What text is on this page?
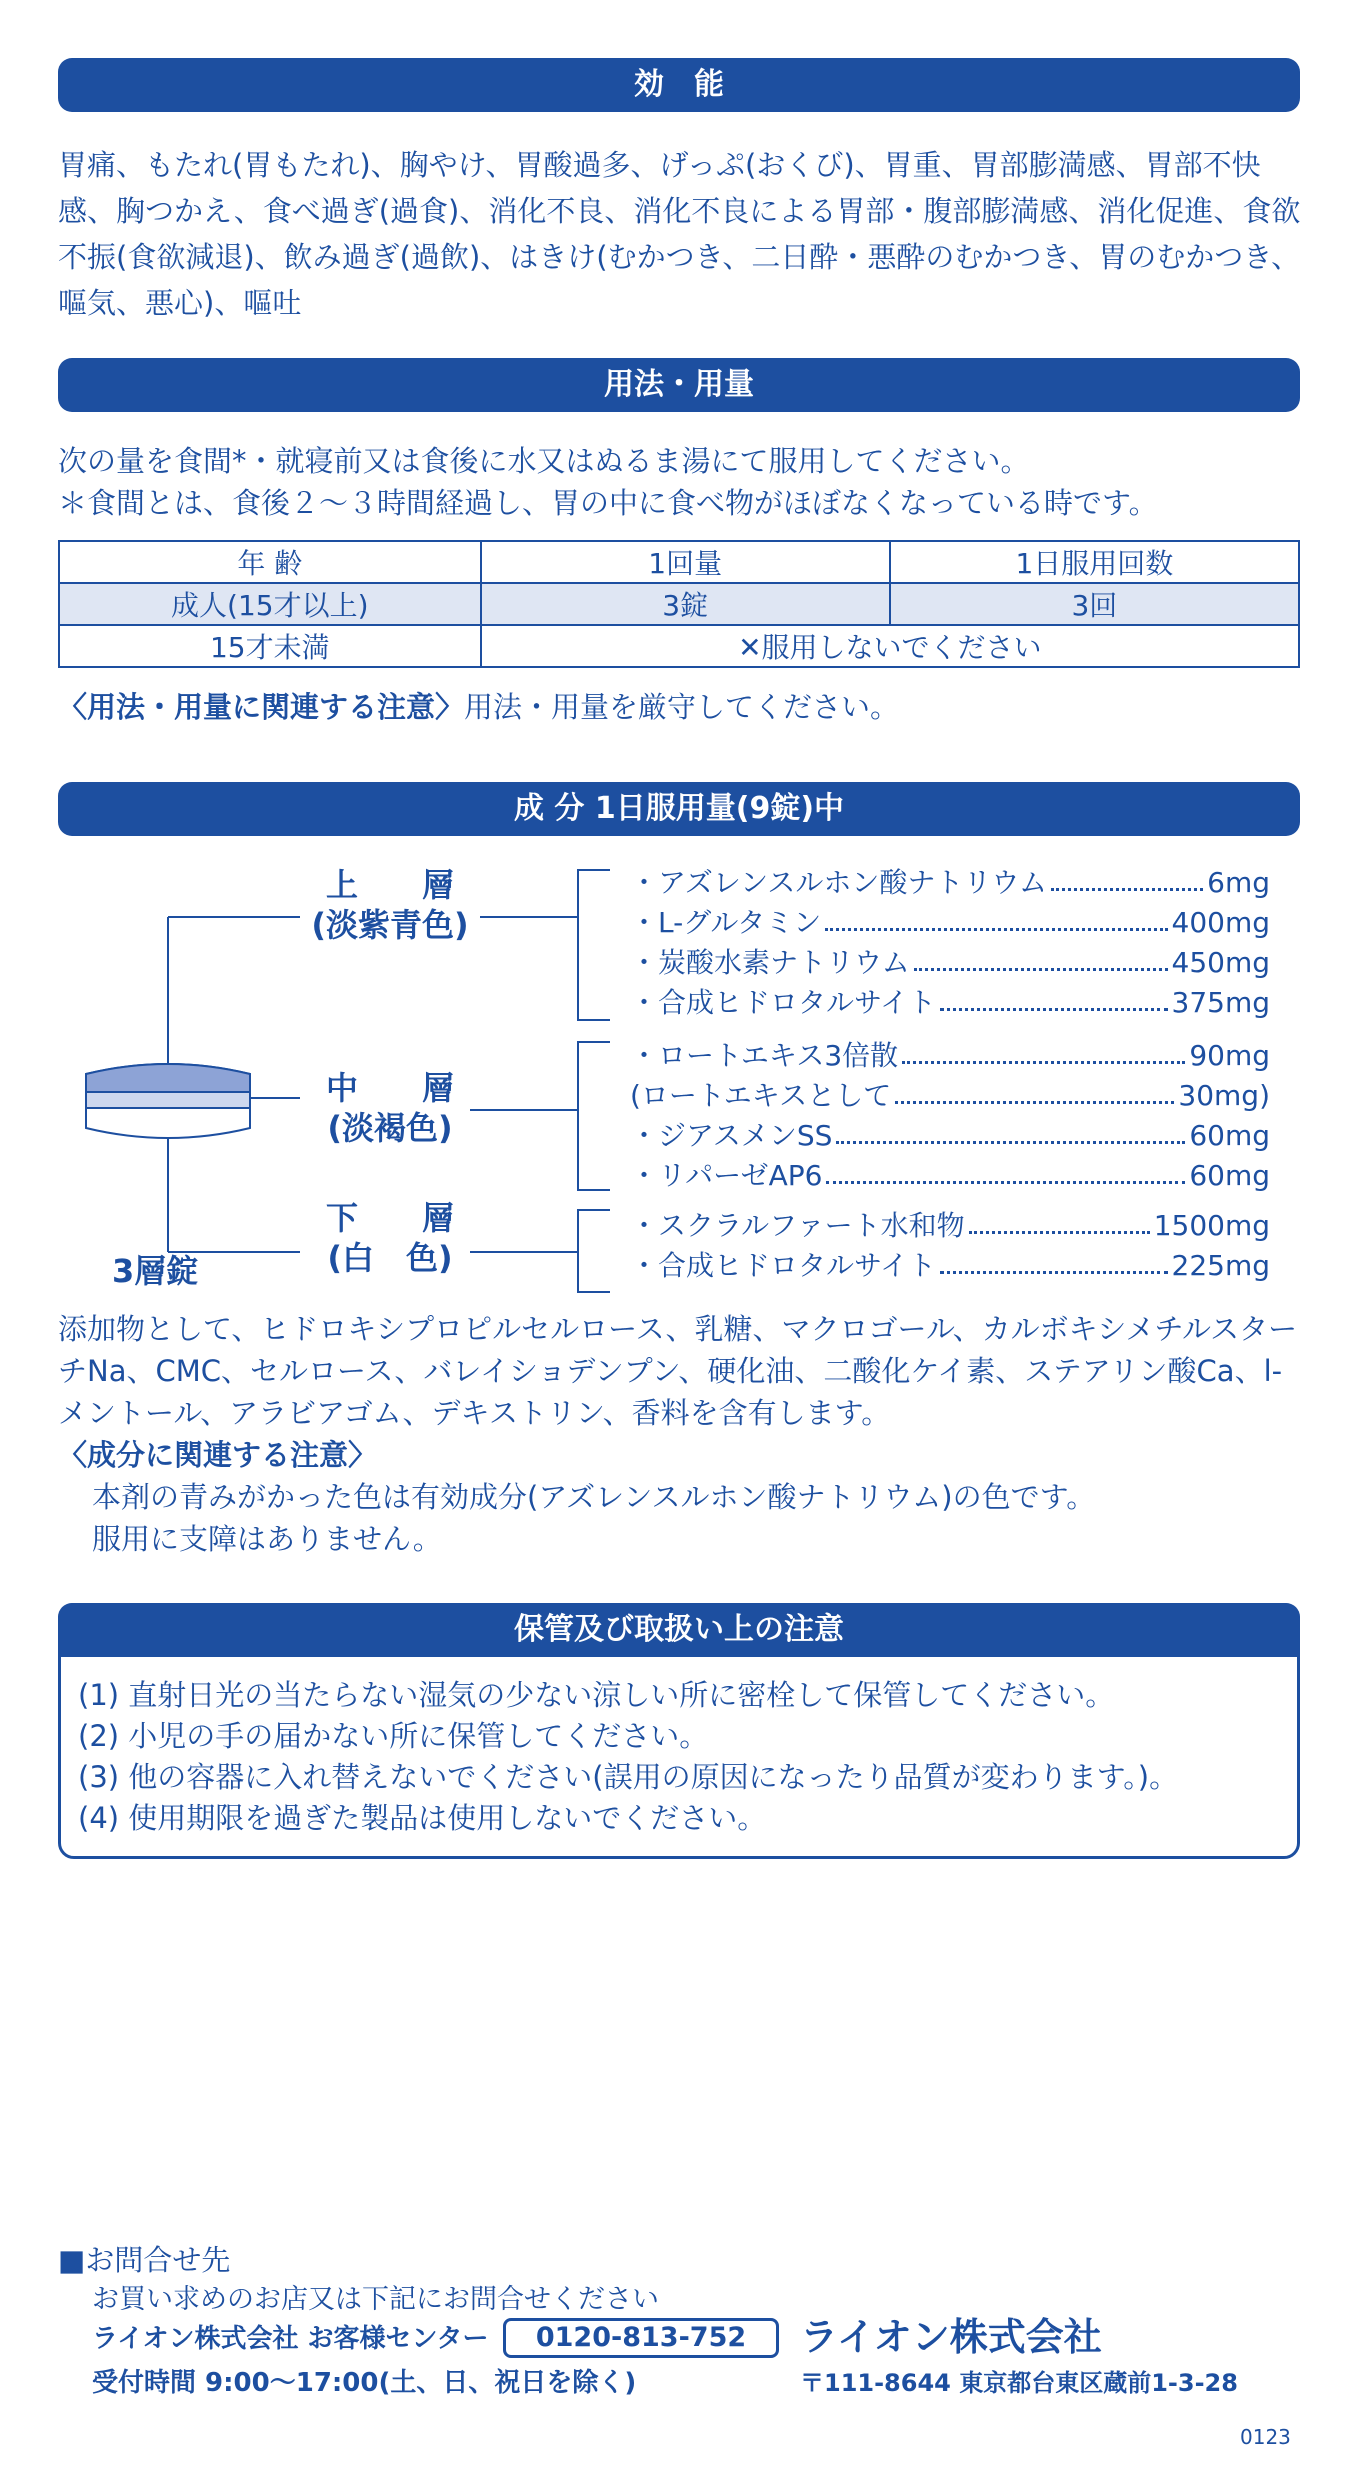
効　能
胃痛、もたれ(胃もたれ)、胸やけ、胃酸過多、げっぷ(おくび)、胃重、胃部膨満感、胃部不快感、胸つかえ、食べ過ぎ(過食)、消化不良、消化不良による胃部・腹部膨満感、消化促進、食欲不振(食欲減退)、飲み過ぎ(過飲)、はきけ(むかつき、二日酔・悪酔のむかつき、胃のむかつき、嘔気、悪心)、嘔吐
用法・用量
次の量を食間*・就寝前又は食後に水又はぬるま湯にて服用してください。
＊食間とは、食後２〜３時間経過し、胃の中に食べ物がほぼなくなっている時です。
年 齢	1回量	1日服用回数
成人(15才以上)	3錠	3回
15才未満	✕服用しないでください	
〈用法・用量に関連する注意〉用法・用量を厳守してください。
成 分 1日服用量(9錠)中
上　　層
(淡紫青色)
中　　層
(淡褐色)
下　　層
(白　色)
3層錠
・アズレンスルホン酸ナトリウム	6mg
・L-グルタミン	400mg
・炭酸水素ナトリウム	450mg
・合成ヒドロタルサイト	375mg
・ロートエキス3倍散	90mg
(ロートエキスとして	30mg)
・ジアスメンSS	60mg
・リパーゼAP6	60mg
・スクラルファート水和物	1500mg
・合成ヒドロタルサイト	225mg
添加物として、ヒドロキシプロピルセルロース、乳糖、マクロゴール、カルボキシメチルスターチNa、CMC、セルロース、バレイショデンプン、硬化油、二酸化ケイ素、ステアリン酸Ca、l-メントール、アラビアゴム、デキストリン、香料を含有します。
〈成分に関連する注意〉
本剤の青みがかった色は有効成分(アズレンスルホン酸ナトリウム)の色です。
服用に支障はありません。
保管及び取扱い上の注意
(1) 直射日光の当たらない湿気の少ない涼しい所に密栓して保管してください。
(2) 小児の手の届かない所に保管してください。
(3) 他の容器に入れ替えないでください(誤用の原因になったり品質が変わります。)。
(4) 使用期限を過ぎた製品は使用しないでください。
■お問合せ先
お買い求めのお店又は下記にお問合せください
ライオン株式会社 お客様センター	0120-813-752	ライオン株式会社
受付時間 9:00〜17:00(土、日、祝日を除く)	〒111-8644 東京都台東区蔵前1-3-28
0123
